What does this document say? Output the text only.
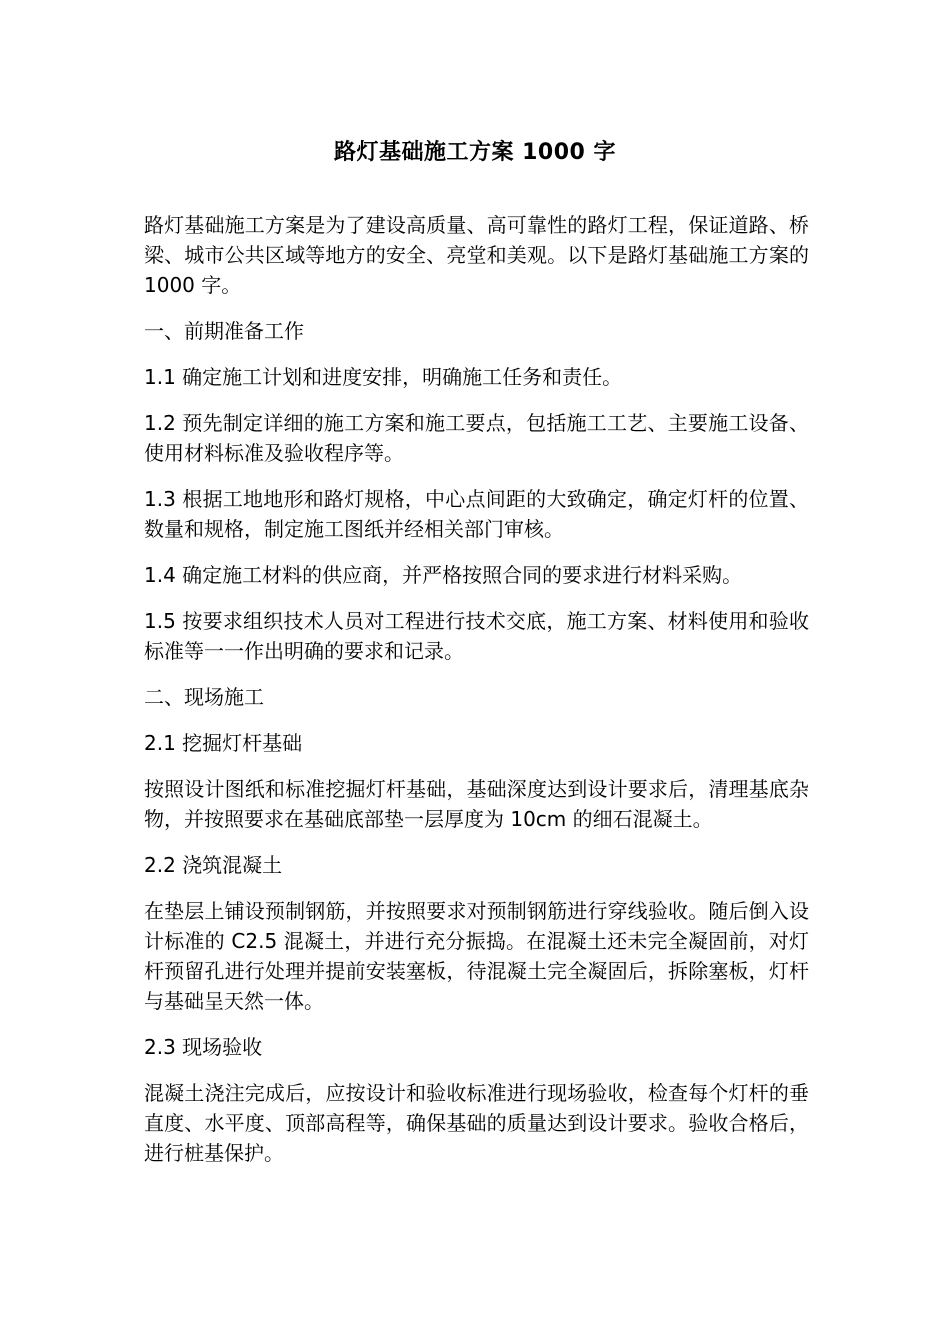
路灯基础施工方案 1000 字

路灯基础施工方案是为了建设高质量、高可靠性的路灯工程，保证道路、桥梁、城市公共区域等地方的安全、亮堂和美观。以下是路灯基础施工方案的 1000 字。

一、前期准备工作

1.1 确定施工计划和进度安排，明确施工任务和责任。

1.2 预先制定详细的施工方案和施工要点，包括施工工艺、主要施工设备、使用材料标准及验收程序等。

1.3 根据工地地形和路灯规格，中心点间距的大致确定，确定灯杆的位置、数量和规格，制定施工图纸并经相关部门审核。

1.4 确定施工材料的供应商，并严格按照合同的要求进行材料采购。

1.5 按要求组织技术人员对工程进行技术交底，施工方案、材料使用和验收标准等一一作出明确的要求和记录。

二、现场施工

2.1 挖掘灯杆基础

按照设计图纸和标准挖掘灯杆基础，基础深度达到设计要求后，清理基底杂物，并按照要求在基础底部垫一层厚度为 10cm 的细石混凝土。

2.2 浇筑混凝土

在垫层上铺设预制钢筋，并按照要求对预制钢筋进行穿线验收。随后倒入设计标准的 C2.5 混凝土，并进行充分振捣。在混凝土还未完全凝固前，对灯杆预留孔进行处理并提前安装塞板，待混凝土完全凝固后，拆除塞板，灯杆与基础呈天然一体。

2.3 现场验收

混凝土浇注完成后，应按设计和验收标准进行现场验收，检查每个灯杆的垂直度、水平度、顶部高程等，确保基础的质量达到设计要求。验收合格后，进行桩基保护。
